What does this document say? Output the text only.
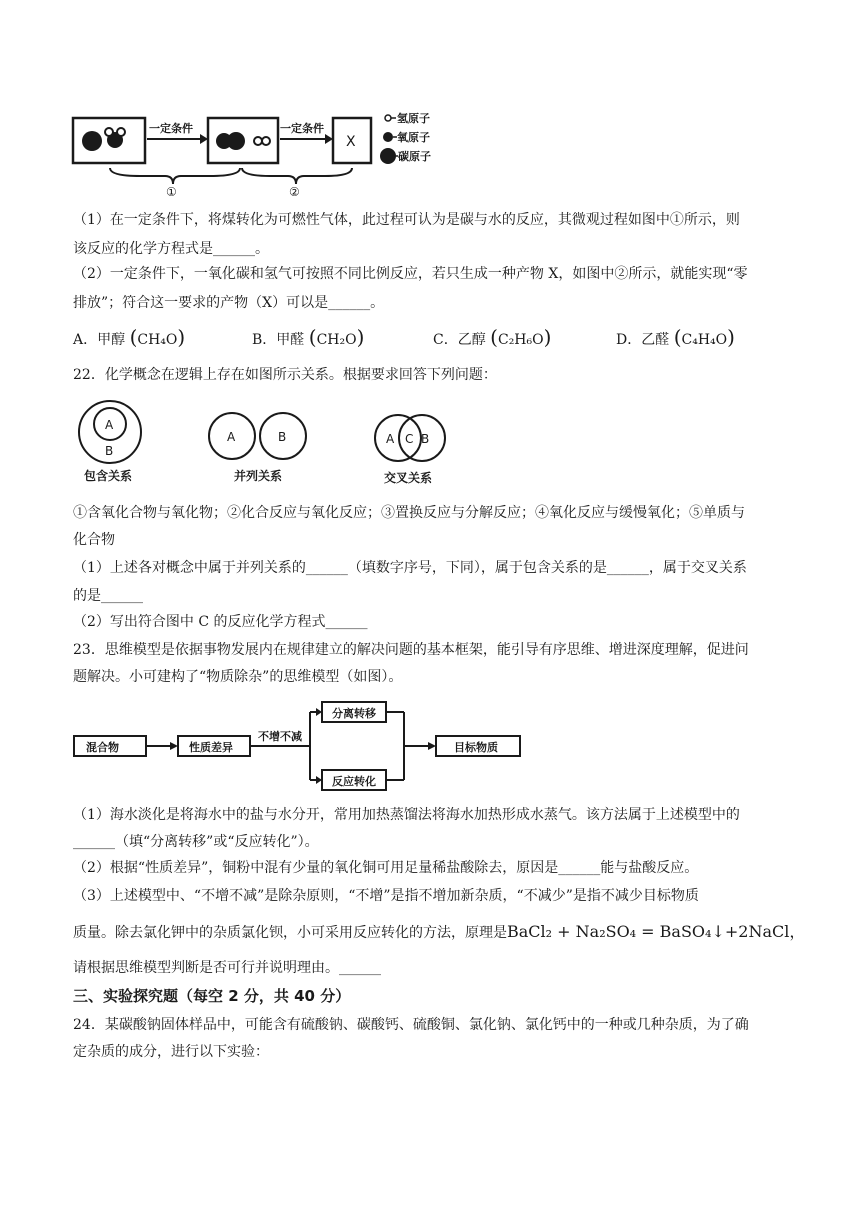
一定条件	一定条件
X
氢原子
氧原子
碳原子
①	②
（1）在一定条件下，将煤转化为可燃性气体，此过程可认为是碳与水的反应，其微观过程如图中①所示，则
该反应的化学方程式是______。
（2）一定条件下，一氧化碳和氢气可按照不同比例反应，若只生成一种产物 X，如图中②所示，就能实现“零
排放”；符合这一要求的产物（X）可以是______。
A．甲醇 (CH₄O)	B．甲醛 (CH₂O)	C．乙醇 (C₂H₆O)	D．乙醛 (C₄H₄O)
22．化学概念在逻辑上存在如图所示关系。根据要求回答下列问题：
A
B
包含关系
A	B
并列关系
A C B
交叉关系
①含氧化合物与氧化物；②化合反应与氧化反应；③置换反应与分解反应；④氧化反应与缓慢氧化；⑤单质与
化合物
（1）上述各对概念中属于并列关系的______（填数字序号，下同），属于包含关系的是______，属于交叉关系
的是______
（2）写出符合图中 C 的反应化学方程式______
23．思维模型是依据事物发展内在规律建立的解决问题的基本框架，能引导有序思维、增进深度理解，促进问
题解决。小可建构了“物质除杂”的思维模型（如图）。
混合物	性质差异
不增不减
分离转移
反应转化
目标物质
（1）海水淡化是将海水中的盐与水分开，常用加热蒸馏法将海水加热形成水蒸气。该方法属于上述模型中的
______（填“分离转移”或“反应转化”）。
（2）根据“性质差异”，铜粉中混有少量的氧化铜可用足量稀盐酸除去，原因是______能与盐酸反应。
（3）上述模型中、“不增不减”是除杂原则，“不增”是指不增加新杂质，“不减少”是指不减少目标物质
质量。除去氯化钾中的杂质氯化钡，小可采用反应转化的方法，原理是BaCl₂ + Na₂SO₄ = BaSO₄↓+2NaCl，
请根据思维模型判断是否可行并说明理由。______
三、实验探究题（每空 2 分，共 40 分）
24．某碳酸钠固体样品中，可能含有硫酸钠、碳酸钙、硫酸铜、氯化钠、氯化钙中的一种或几种杂质，为了确
定杂质的成分，进行以下实验：
